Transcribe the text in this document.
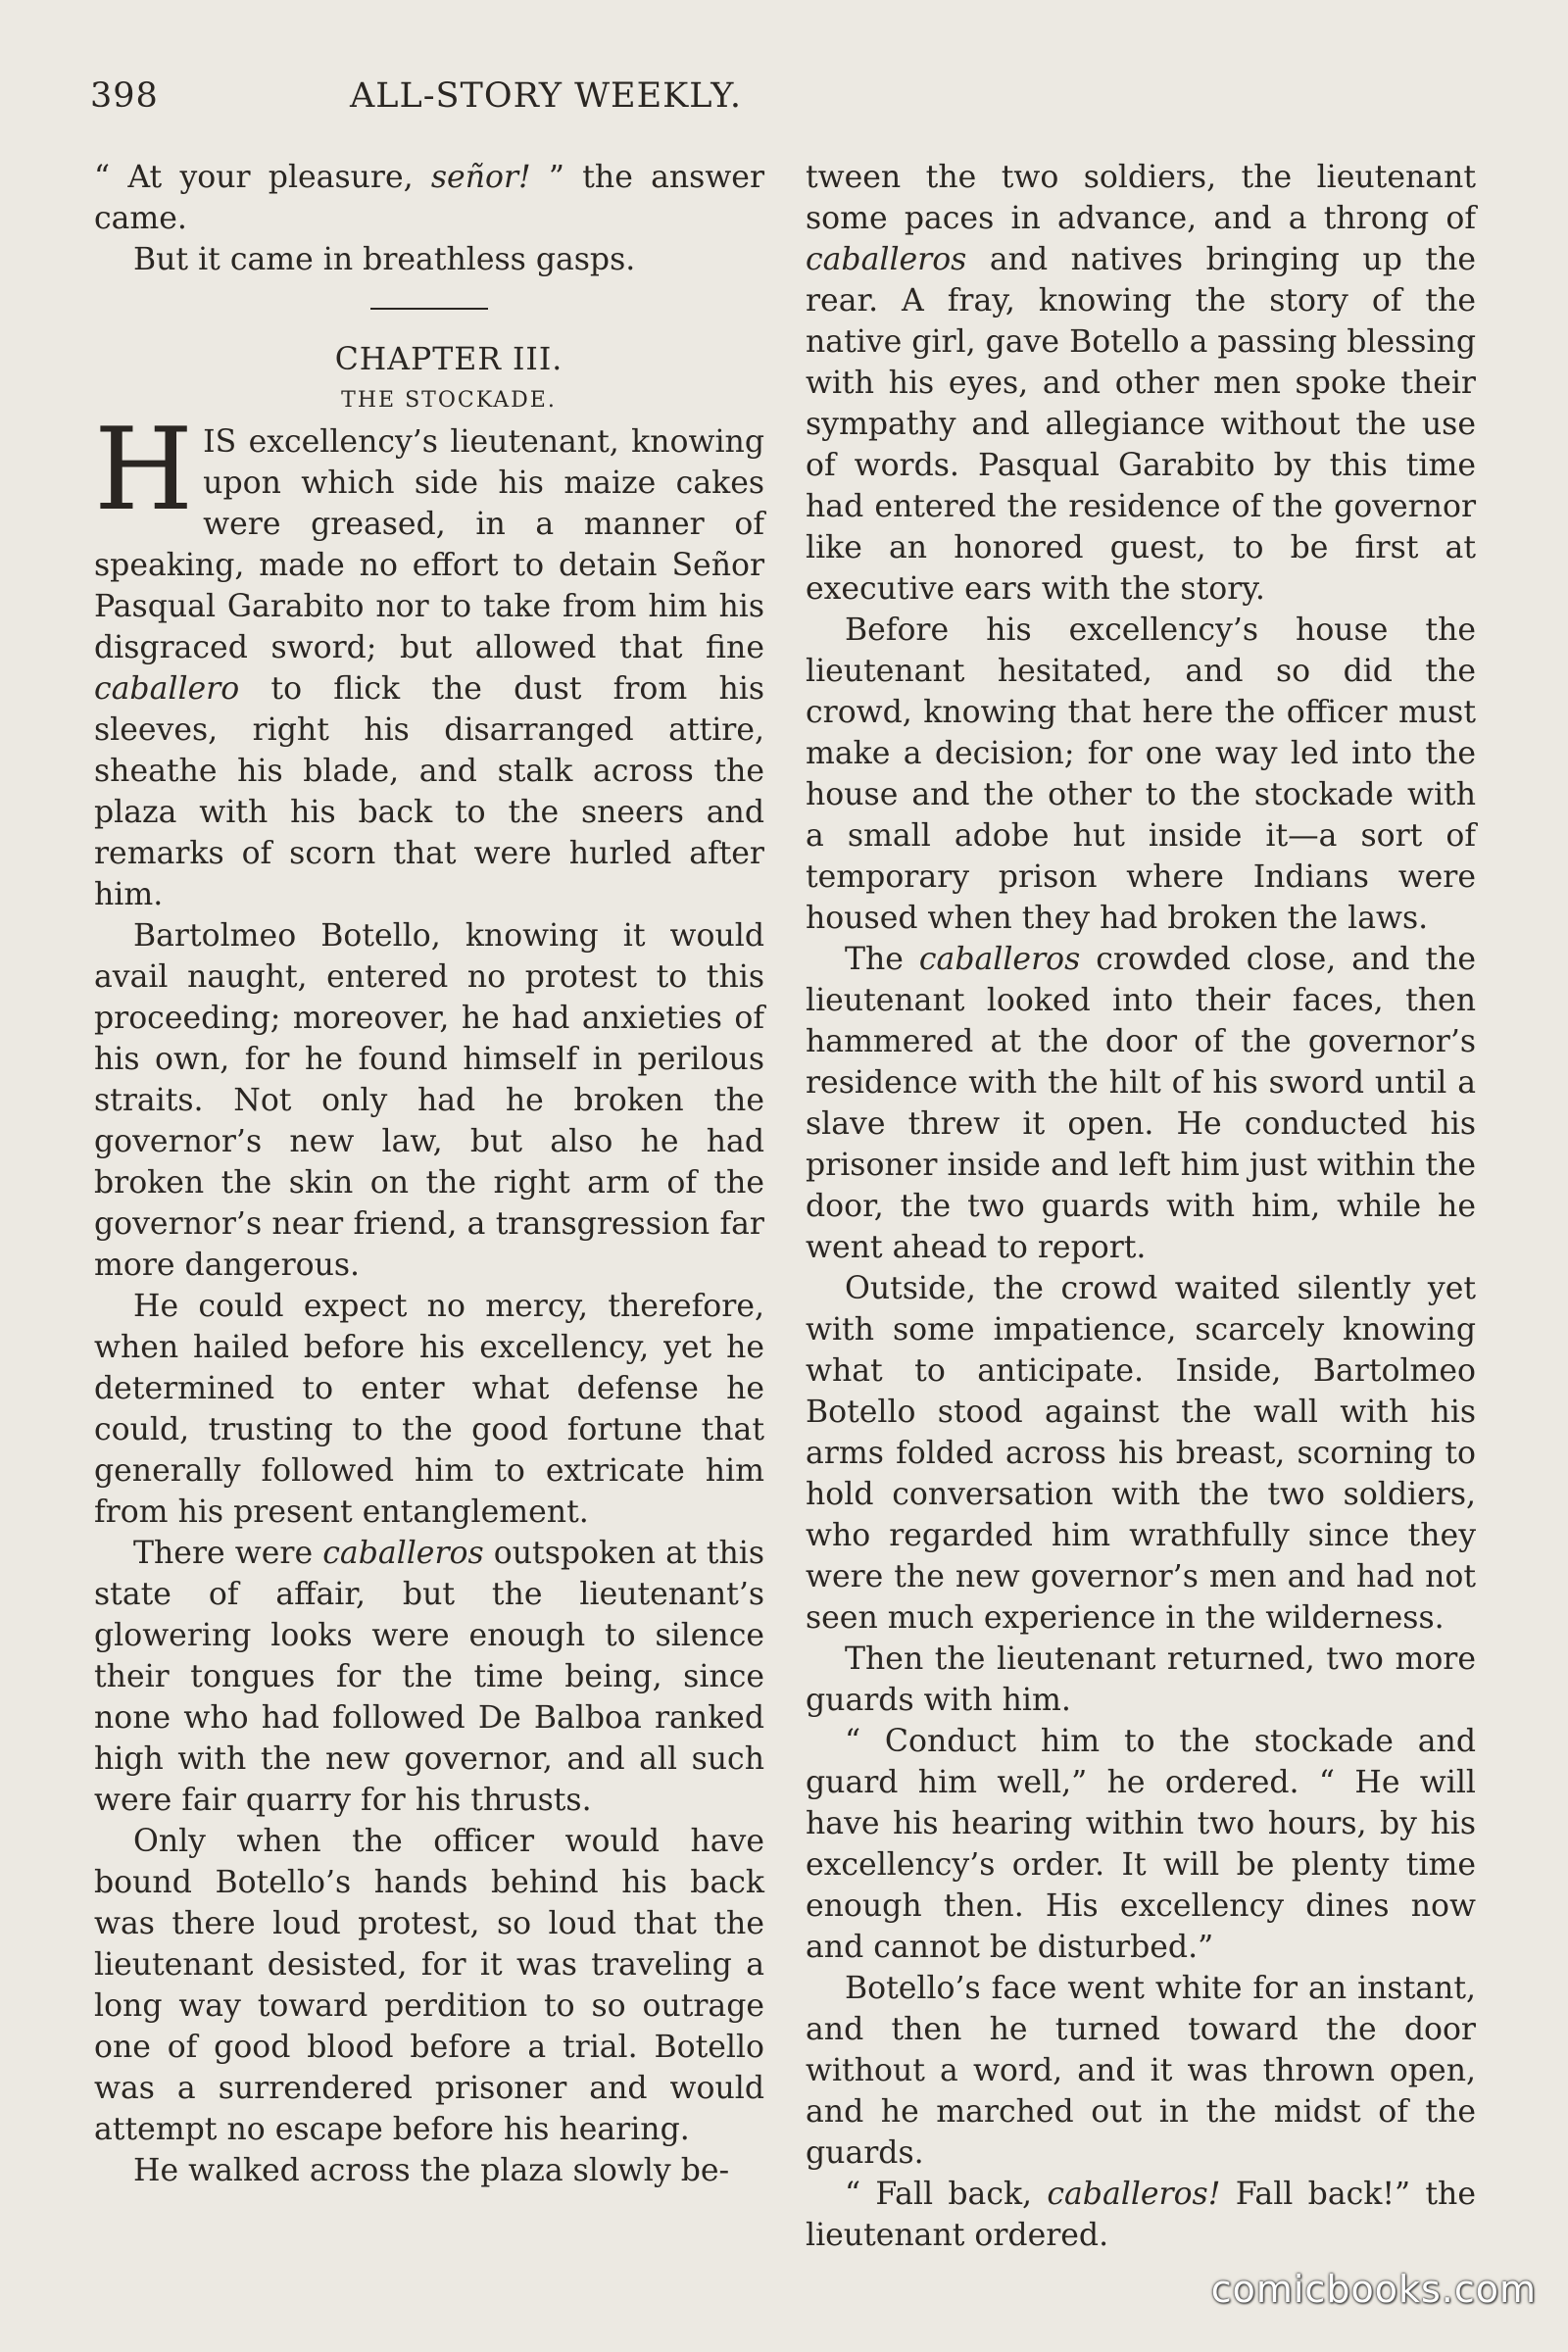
398	ALL-STORY WEEKLY.

“ At your pleasure, señor! ” the answer came.

But it came in breathless gasps.

CHAPTER III.

THE STOCKADE.

HIS excellency’s lieutenant, knowing upon which side his maize cakes were greased, in a manner of speaking, made no effort to detain Señor Pasqual Garabito nor to take from him his disgraced sword; but allowed that fine caballero to flick the dust from his sleeves, right his disarranged attire, sheathe his blade, and stalk across the plaza with his back to the sneers and remarks of scorn that were hurled after him.

Bartolmeo Botello, knowing it would avail naught, entered no protest to this proceeding; moreover, he had anxieties of his own, for he found himself in perilous straits. Not only had he broken the governor’s new law, but also he had broken the skin on the right arm of the governor’s near friend, a transgression far more dangerous.

He could expect no mercy, therefore, when hailed before his excellency, yet he determined to enter what defense he could, trusting to the good fortune that generally followed him to extricate him from his present entanglement.

There were caballeros outspoken at this state of affair, but the lieutenant’s glowering looks were enough to silence their tongues for the time being, since none who had followed De Balboa ranked high with the new governor, and all such were fair quarry for his thrusts.

Only when the officer would have bound Botello’s hands behind his back was there loud protest, so loud that the lieutenant desisted, for it was traveling a long way toward perdition to so outrage one of good blood before a trial. Botello was a surrendered prisoner and would attempt no escape before his hearing.

He walked across the plaza slowly be-

tween the two soldiers, the lieutenant some paces in advance, and a throng of caballeros and natives bringing up the rear. A fray, knowing the story of the native girl, gave Botello a passing blessing with his eyes, and other men spoke their sympathy and allegiance without the use of words. Pasqual Garabito by this time had entered the residence of the governor like an honored guest, to be first at executive ears with the story.

Before his excellency’s house the lieutenant hesitated, and so did the crowd, knowing that here the officer must make a decision; for one way led into the house and the other to the stockade with a small adobe hut inside it—a sort of temporary prison where Indians were housed when they had broken the laws.

The caballeros crowded close, and the lieutenant looked into their faces, then hammered at the door of the governor’s residence with the hilt of his sword until a slave threw it open. He conducted his prisoner inside and left him just within the door, the two guards with him, while he went ahead to report.

Outside, the crowd waited silently yet with some impatience, scarcely knowing what to anticipate. Inside, Bartolmeo Botello stood against the wall with his arms folded across his breast, scorning to hold conversation with the two soldiers, who regarded him wrathfully since they were the new governor’s men and had not seen much experience in the wilderness.

Then the lieutenant returned, two more guards with him.

“ Conduct him to the stockade and guard him well,” he ordered. “ He will have his hearing within two hours, by his excellency’s order. It will be plenty time enough then. His excellency dines now and cannot be disturbed.”

Botello’s face went white for an instant, and then he turned toward the door without a word, and it was thrown open, and he marched out in the midst of the guards.

“ Fall back, caballeros! Fall back!” the lieutenant ordered.

comicbooks.com
